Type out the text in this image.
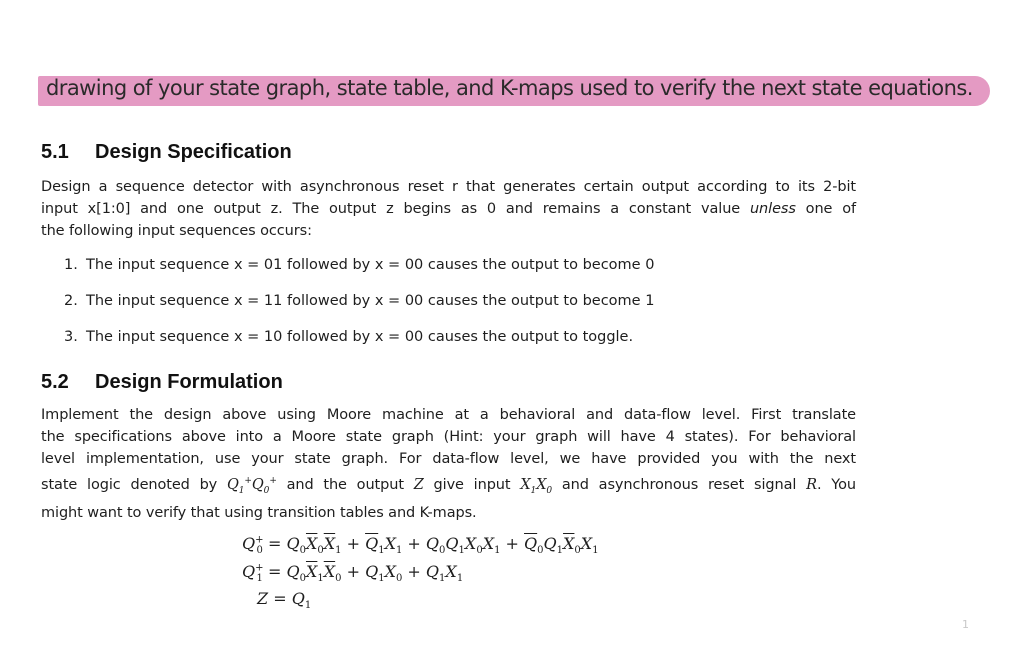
drawing of your state graph, state table, and K-maps used to verify the next state equations.
5.1 Design Specification
Design a sequence detector with asynchronous reset r that generates certain output according to its 2-bit
input x[1:0] and one output z. The output z begins as 0 and remains a constant value unless one of
the following input sequences occurs:
1. The input sequence x = 01 followed by x = 00 causes the output to become 0
2. The input sequence x = 11 followed by x = 00 causes the output to become 1
3. The input sequence x = 10 followed by x = 00 causes the output to toggle.
5.2 Design Formulation
Implement the design above using Moore machine at a behavioral and data-flow level. First translate
the specifications above into a Moore state graph (Hint: your graph will have 4 states). For behavioral
level implementation, use your state graph. For data-flow level, we have provided you with the next
state logic denoted by $Q_1^+Q_0^+$ and the output Z give input $X_1X_0$ and asynchronous reset signal R. You
might want to verify that using transition tables and K-maps.
$Q^+_0 = Q_0\overline{X}_0\overline{X}_1 + \overline{Q}_1X_1 + Q_0Q_1X_0X_1 + \overline{Q}_0Q_1\overline{X}_0X_1$
$Q^+_1 = Q_0\overline{X}_1\overline{X}_0 + Q_1X_0 + Q_1X_1$
$Z = Q_1$
1
